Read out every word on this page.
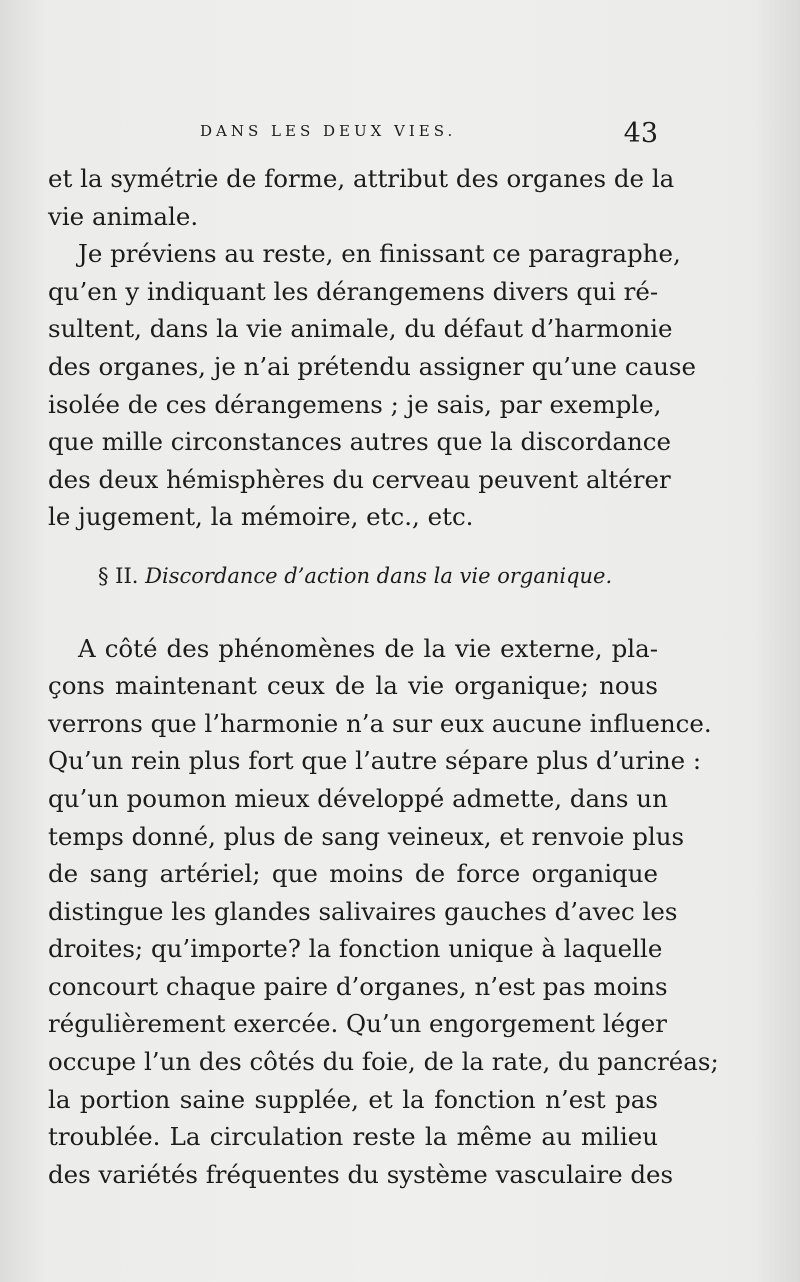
DANS LES DEUX VIES.	43
et la symétrie de forme, attribut des organes de la
vie animale.
Je préviens au reste, en finissant ce paragraphe,
qu’en y indiquant les dérangemens divers qui ré-
sultent, dans la vie animale, du défaut d’harmonie
des organes, je n’ai prétendu assigner qu’une cause
isolée de ces dérangemens ; je sais, par exemple,
que mille circonstances autres que la discordance
des deux hémisphères du cerveau peuvent altérer
le jugement, la mémoire, etc., etc.
§ II. Discordance d’action dans la vie organique.
A côté des phénomènes de la vie externe, pla-
çons maintenant ceux de la vie organique; nous
verrons que l’harmonie n’a sur eux aucune influence.
Qu’un rein plus fort que l’autre sépare plus d’urine :
qu’un poumon mieux développé admette, dans un
temps donné, plus de sang veineux, et renvoie plus
de sang artériel; que moins de force organique
distingue les glandes salivaires gauches d’avec les
droites; qu’importe? la fonction unique à laquelle
concourt chaque paire d’organes, n’est pas moins
régulièrement exercée. Qu’un engorgement léger
occupe l’un des côtés du foie, de la rate, du pancréas;
la portion saine supplée, et la fonction n’est pas
troublée. La circulation reste la même au milieu
des variétés fréquentes du système vasculaire des
